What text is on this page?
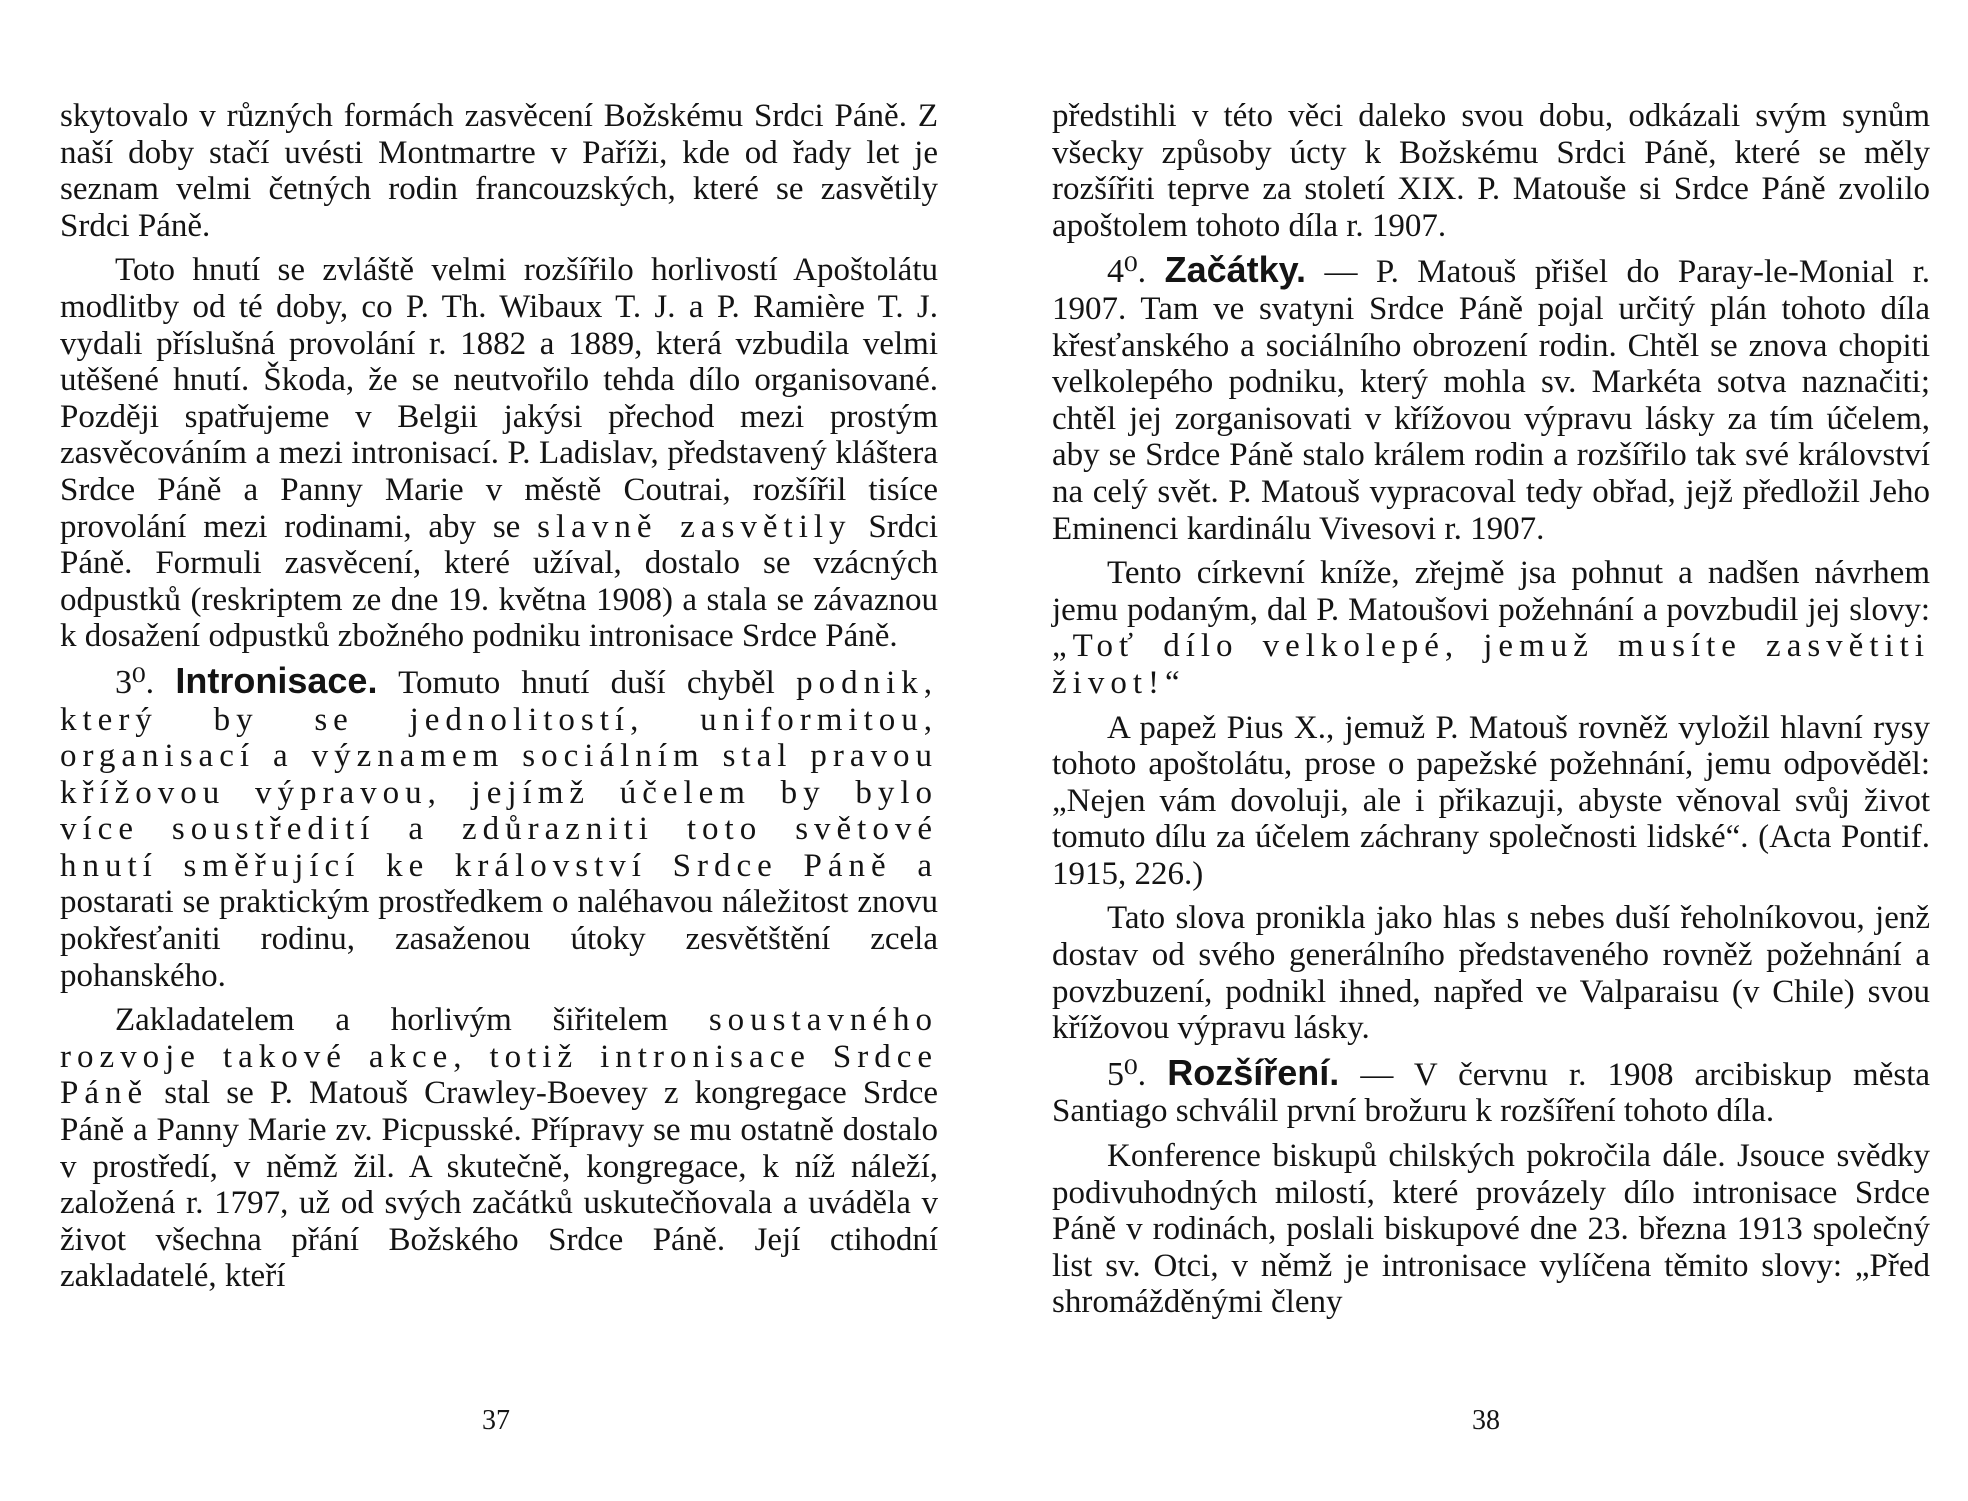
skytovalo v různých formách zasvěcení Božskému Srdci Páně. Z naší doby stačí uvésti Montmartre v Paříži, kde od řady let je seznam velmi četných rodin francouzských, které se zasvětily Srdci Páně.

Toto hnutí se zvláště velmi rozšířilo horlivostí Apoštolátu modlitby od té doby, co P. Th. Wibaux T. J. a P. Ramière T. J. vydali příslušná provolání r. 1882 a 1889, která vzbudila velmi utěšené hnutí. Škoda, že se neutvořilo tehda dílo organisované. Později spatřujeme v Belgii jakýsi přechod mezi prostým zasvěcováním a mezi intronisací. P. Ladislav, představený kláštera Srdce Páně a Panny Marie v městě Coutrai, rozšířil tisíce provolání mezi rodinami, aby se slavně zasvětily Srdci Páně. Formuli zasvěcení, které užíval, dostalo se vzácných odpustků (reskriptem ze dne 19. května 1908) a stala se závaznou k dosažení odpustků zbožného podniku intronisace Srdce Páně.

3⁰. Intronisace. Tomuto hnutí duší chyběl podnik, který by se jednolitostí, uniformitou, organisací a významem sociálním stal pravou křížovou výpravou, jejímž účelem by bylo více soustředití a zdůrazniti toto světové hnutí směřující ke království Srdce Páně a postarati se praktickým prostředkem o naléhavou náležitost znovu pokřesťaniti rodinu, zasaženou útoky zesvětštění zcela pohanského.

Zakladatelem a horlivým šiřitelem soustavného rozvoje takové akce, totiž intronisace Srdce Páně stal se P. Matouš Crawley-Boevey z kongregace Srdce Páně a Panny Marie zv. Picpusské. Přípravy se mu ostatně dostalo v prostředí, v němž žil. A skutečně, kongregace, k níž náleží, založená r. 1797, už od svých začátků uskutečňovala a uváděla v život všechna přání Božského Srdce Páně. Její ctihodní zakladatelé, kteří

37

předstihli v této věci daleko svou dobu, odkázali svým synům všecky způsoby úcty k Božskému Srdci Páně, které se měly rozšířiti teprve za století XIX. P. Matouše si Srdce Páně zvolilo apoštolem tohoto díla r. 1907.

4⁰. Začátky. — P. Matouš přišel do Paray-le-Monial r. 1907. Tam ve svatyni Srdce Páně pojal určitý plán tohoto díla křesťanského a sociálního obrození rodin. Chtěl se znova chopiti velkolepého podniku, který mohla sv. Markéta sotva naznačiti; chtěl jej zorganisovati v křížovou výpravu lásky za tím účelem, aby se Srdce Páně stalo králem rodin a rozšířilo tak své království na celý svět. P. Matouš vypracoval tedy obřad, jejž předložil Jeho Eminenci kardinálu Vivesovi r. 1907.

Tento církevní kníže, zřejmě jsa pohnut a nadšen návrhem jemu podaným, dal P. Matoušovi požehnání a povzbudil jej slovy: „Toť dílo velkolepé, jemuž musíte zasvětiti život!“

A papež Pius X., jemuž P. Matouš rovněž vyložil hlavní rysy tohoto apoštolátu, prose o papežské požehnání, jemu odpověděl: „Nejen vám dovoluji, ale i přikazuji, abyste věnoval svůj život tomuto dílu za účelem záchrany společnosti lidské“. (Acta Pontif. 1915, 226.)

Tato slova pronikla jako hlas s nebes duší řeholníkovou, jenž dostav od svého generálního představeného rovněž požehnání a povzbuzení, podnikl ihned, napřed ve Valparaisu (v Chile) svou křížovou výpravu lásky.

5⁰. Rozšíření. — V červnu r. 1908 arcibiskup města Santiago schválil první brožuru k rozšíření tohoto díla.

Konference biskupů chilských pokročila dále. Jsouce svědky podivuhodných milostí, které provázely dílo intronisace Srdce Páně v rodinách, poslali biskupové dne 23. března 1913 společný list sv. Otci, v němž je intronisace vylíčena těmito slovy: „Před shromážděnými členy

38
